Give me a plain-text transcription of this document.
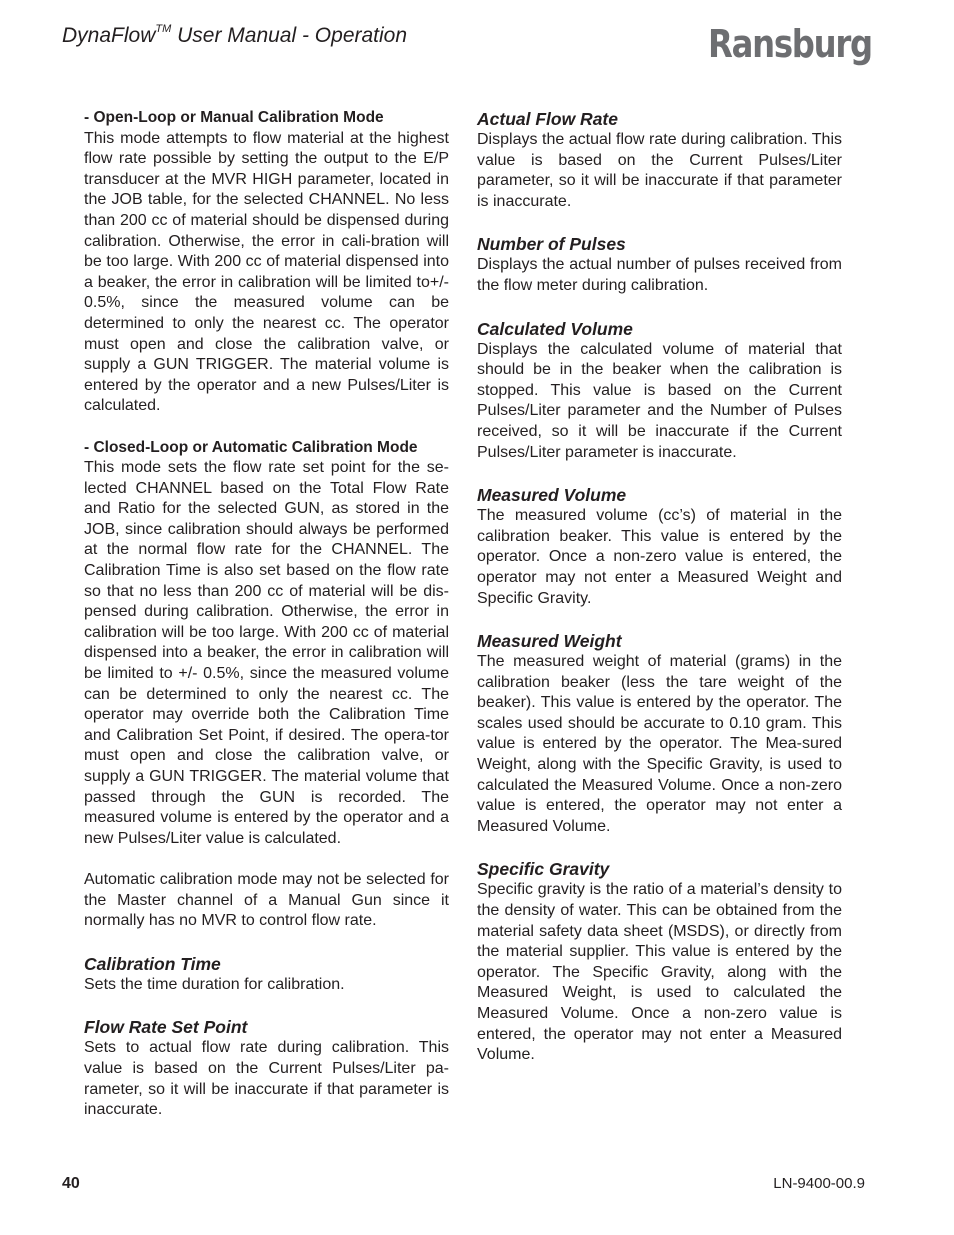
DynaFlow™ User Manual - Operation	Ransburg

- Open-Loop or Manual Calibration Mode

This mode attempts to flow material at the highest flow rate possible by setting the output to the E/P transducer at the MVR HIGH parameter, located in the JOB table, for the selected CHANNEL. No less than 200 cc of material should be dispensed during calibration. Otherwise, the error in cali-bration will be too large. With 200 cc of material dispensed into a beaker, the error in calibration will be limited to+/- 0.5%, since the measured volume can be determined to only the nearest cc. The operator must open and close the calibration valve, or supply a GUN TRIGGER. The material volume is entered by the operator and a new Pulses/Liter is calculated.

- Closed-Loop or Automatic Calibration Mode

This mode sets the flow rate set point for the se-lected CHANNEL based on the Total Flow Rate and Ratio for the selected GUN, as stored in the JOB, since calibration should always be performed at the normal flow rate for the CHANNEL. The Calibration Time is also set based on the flow rate so that no less than 200 cc of material will be dis-pensed during calibration. Otherwise, the error in calibration will be too large. With 200 cc of material dispensed into a beaker, the error in calibration will be limited to +/- 0.5%, since the measured volume can be determined to only the nearest cc. The operator may override both the Calibration Time and Calibration Set Point, if desired. The opera-tor must open and close the calibration valve, or supply a GUN TRIGGER. The material volume that passed through the GUN is recorded. The measured volume is entered by the operator and a new Pulses/Liter value is calculated.

Automatic calibration mode may not be selected for the Master channel of a Manual Gun since it normally has no MVR to control flow rate.

Calibration Time

Sets the time duration for calibration.

Flow Rate Set Point

Sets to actual flow rate during calibration. This value is based on the Current Pulses/Liter pa-rameter, so it will be inaccurate if that parameter is inaccurate.

Actual Flow Rate

Displays the actual flow rate during calibration. This value is based on the Current Pulses/Liter parameter, so it will be inaccurate if that parameter is inaccurate.

Number of Pulses

Displays the actual number of pulses received from the flow meter during calibration.

Calculated Volume

Displays the calculated volume of material that should be in the beaker when the calibration is stopped. This value is based on the Current Pulses/Liter parameter and the Number of Pulses received, so it will be inaccurate if the Current Pulses/Liter parameter is inaccurate.

Measured Volume

The measured volume (cc’s) of material in the calibration beaker. This value is entered by the operator. Once a non-zero value is entered, the operator may not enter a Measured Weight and Specific Gravity.

Measured Weight

The measured weight of material (grams) in the calibration beaker (less the tare weight of the beaker). This value is entered by the operator. The scales used should be accurate to 0.10 gram. This value is entered by the operator. The Mea-sured Weight, along with the Specific Gravity, is used to calculated the Measured Volume. Once a non-zero value is entered, the operator may not enter a Measured Volume.

Specific Gravity

Specific gravity is the ratio of a material’s density to the density of water. This can be obtained from the material safety data sheet (MSDS), or directly from the material supplier. This value is entered by the operator. The Specific Gravity, along with the Measured Weight, is used to calculated the Measured Volume. Once a non-zero value is entered, the operator may not enter a Measured Volume.

40	LN-9400-00.9
